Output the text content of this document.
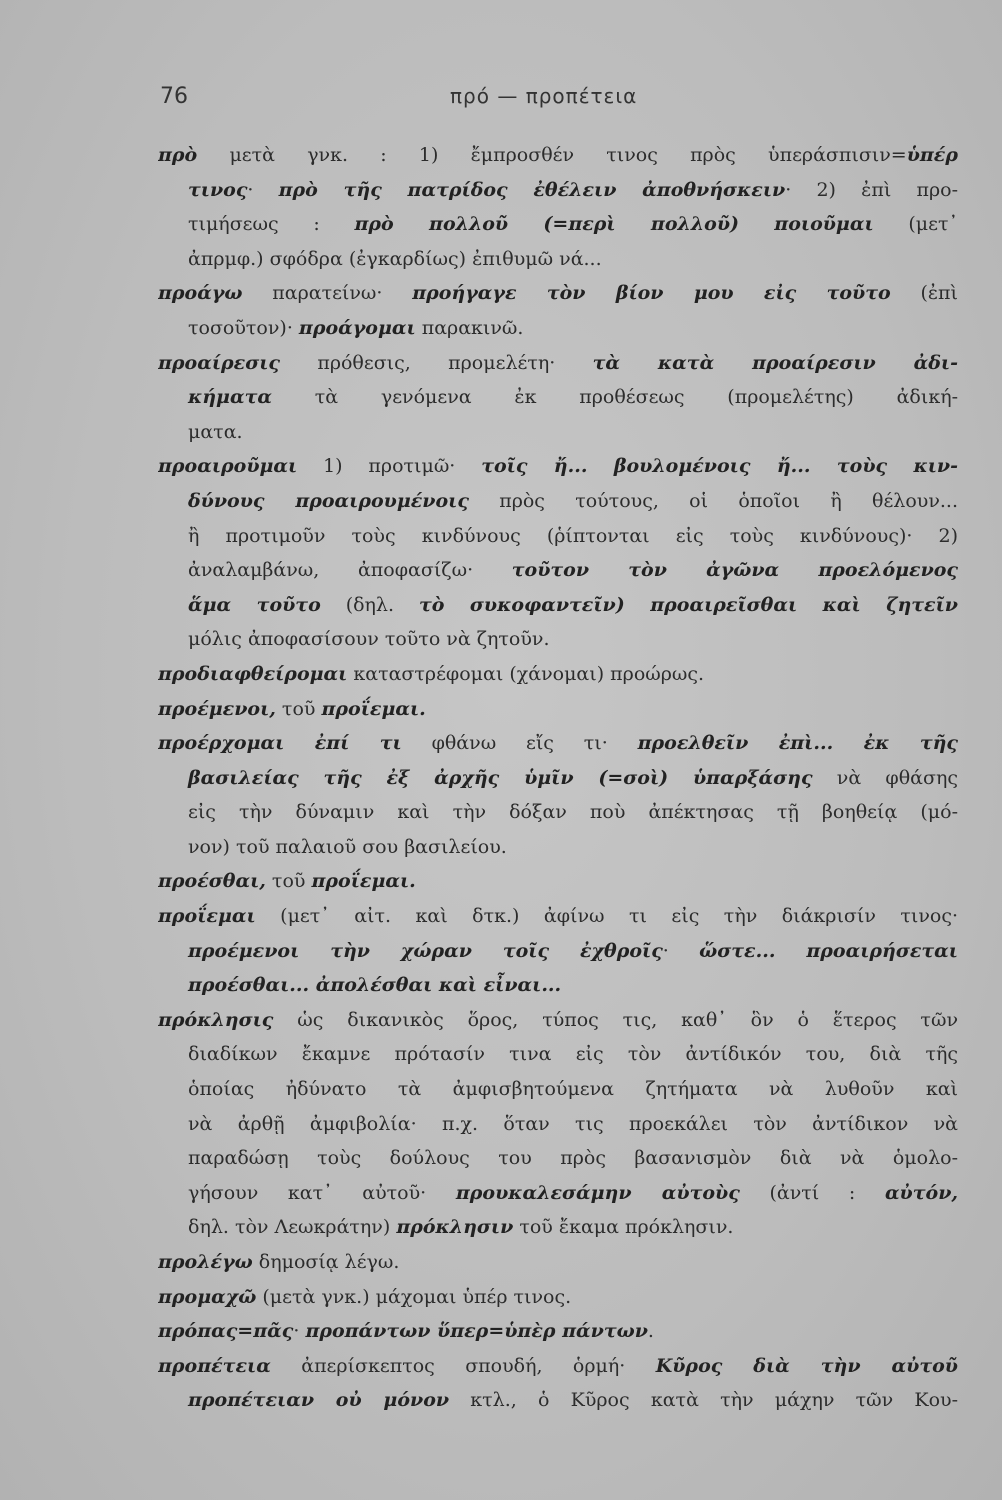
76	πρό — προπέτεια
πρὸ μετὰ γνκ. : 1) ἔμπροσθέν τινος πρὸς ὑπεράσπισιν=ὑπέρ
τινος· πρὸ τῆς πατρίδος ἐθέλειν ἀποθνήσκειν· 2) ἐπὶ προ-
τιμήσεως : πρὸ πολλοῦ (=περὶ πολλοῦ) ποιοῦμαι (μετ᾽
ἀπρμφ.) σφόδρα (ἐγκαρδίως) ἐπιθυμῶ νά...
προάγω παρατείνω· προήγαγε τὸν βίον μου εἰς τοῦτο (ἐπὶ
τοσοῦτον)· προάγομαι παρακινῶ.
προαίρεσις πρόθεσις, προμελέτη· τὰ κατὰ προαίρεσιν ἀδι-
κήματα τὰ γενόμενα ἐκ προθέσεως (προμελέτης) ἀδική-
ματα.
προαιροῦμαι 1) προτιμῶ· τοῖς ἤ... βουλομένοις ἤ... τοὺς κιν-
δύνους προαιρουμένοις πρὸς τούτους, οἱ ὁποῖοι ἢ θέλουν...
ἢ προτιμοῦν τοὺς κινδύνους (ῥίπτονται εἰς τοὺς κινδύνους)· 2)
ἀναλαμβάνω, ἀποφασίζω· τοῦτον τὸν ἀγῶνα προελόμενος
ἅμα τοῦτο (δηλ. τὸ συκοφαντεῖν) προαιρεῖσθαι καὶ ζητεῖν
μόλις ἀποφασίσουν τοῦτο νὰ ζητοῦν.
προδιαφθείρομαι καταστρέφομαι (χάνομαι) προώρως.
προέμενοι, τοῦ προΐεμαι.
προέρχομαι ἐπί τι φθάνω εἴς τι· προελθεῖν ἐπὶ... ἐκ τῆς
βασιλείας τῆς ἐξ ἀρχῆς ὑμῖν (=σοὶ) ὑπαρξάσης νὰ φθάσης
εἰς τὴν δύναμιν καὶ τὴν δόξαν ποὺ ἀπέκτησας τῇ βοηθείᾳ (μό-
νον) τοῦ παλαιοῦ σου βασιλείου.
προέσθαι, τοῦ προΐεμαι.
προΐεμαι (μετ᾽ αἰτ. καὶ δτκ.) ἀφίνω τι εἰς τὴν διάκρισίν τινος·
προέμενοι τὴν χώραν τοῖς ἐχθροῖς· ὥστε... προαιρήσεται
προέσθαι... ἀπολέσθαι καὶ εἶναι...
πρόκλησις ὡς δικανικὸς ὅρος, τύπος τις, καθ᾽ ὃν ὁ ἕτερος τῶν
διαδίκων ἔκαμνε πρότασίν τινα εἰς τὸν ἀντίδικόν του, διὰ τῆς
ὁποίας ἠδύνατο τὰ ἀμφισβητούμενα ζητήματα νὰ λυθοῦν καὶ
νὰ ἀρθῇ ἀμφιβολία· π.χ. ὅταν τις προεκάλει τὸν ἀντίδικον νὰ
παραδώσῃ τοὺς δούλους του πρὸς βασανισμὸν διὰ νὰ ὁμολο-
γήσουν κατ᾽ αὐτοῦ· προυκαλεσάμην αὐτοὺς (ἀντί : αὐτόν,
δηλ. τὸν Λεωκράτην) πρόκλησιν τοῦ ἔκαμα πρόκλησιν.
προλέγω δημοσίᾳ λέγω.
προμαχῶ (μετὰ γνκ.) μάχομαι ὑπέρ τινος.
πρόπας=πᾶς· προπάντων ὕπερ=ὑπὲρ πάντων.
προπέτεια ἀπερίσκεπτος σπουδή, ὁρμή· Κῦρος διὰ τὴν αὐτοῦ
προπέτειαν οὐ μόνον κτλ., ὁ Κῦρος κατὰ τὴν μάχην τῶν Κου-
